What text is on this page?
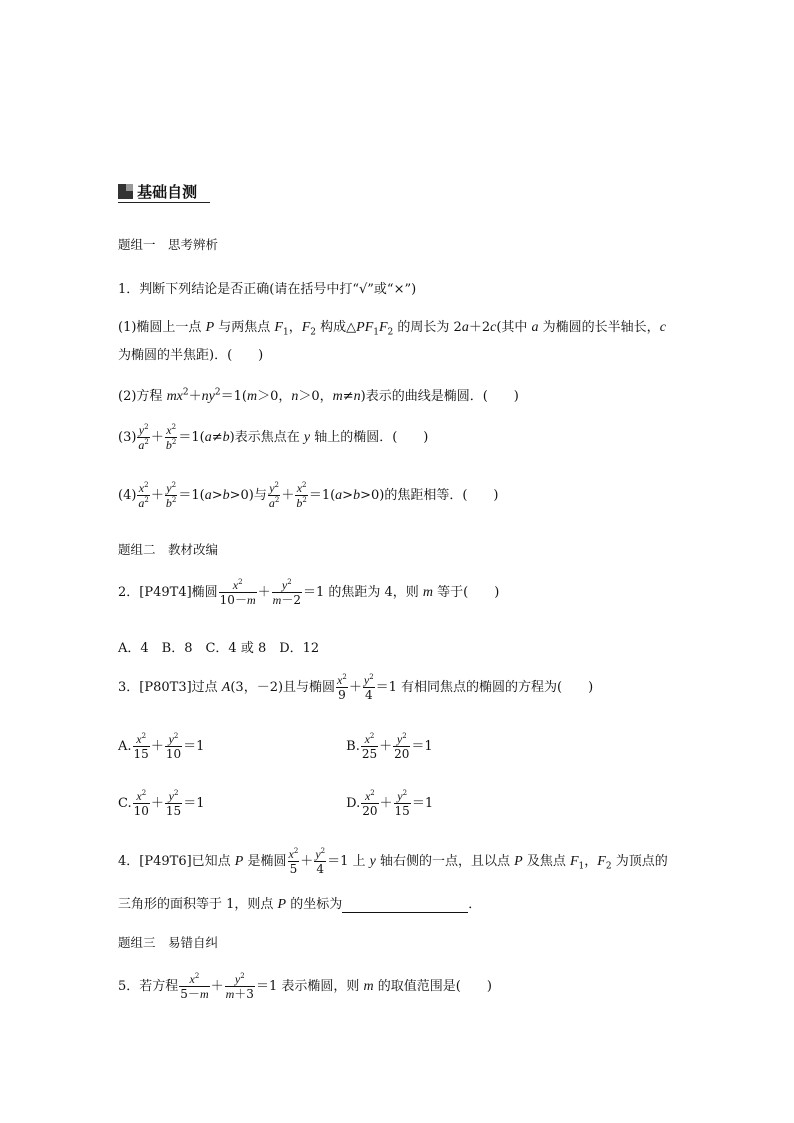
基础自测
题组一　思考辨析
1．判断下列结论是否正确(请在括号中打“√”或“×”)
(1)椭圆上一点 P 与两焦点 $F_1$，$F_2$ 构成$\triangle PF_1F_2$ 的周长为 2a＋2c(其中 a 为椭圆的长半轴长，c
为椭圆的半焦距)．(　　)
(2)方程 $mx^2+ny^2=1(m>0$，n＞0，m≠n)表示的曲线是椭圆．(　　)
$(3) \frac{y^2}{a^2} + \frac{x^2}{b^2} =1(a\ne b)$表示焦点在 y 轴上的椭圆．(　　)
$(4) \frac{x^2}{a^2} + \frac{y^2}{b^2} =1(a>b>0)$与 $\frac{y^2}{a^2} + \frac{x^2}{b^2} =1(a>b>0)$的焦距相等．(　　)
题组二　教材改编
2．[P49T4]椭圆 $\frac{x^2}{10-m} + \frac{y^2}{m-2} =1$ 的焦距为 4，则 m 等于(　　)
A．4　B．8　C．4 或 8　D．12
3．[P80T3]过点 A(3，－2)且与椭圆 $\frac{x^2}{9} + \frac{y^2}{4} =1$ 有相同焦点的椭圆的方程为(　　)
A. $\frac{x^2}{15} + \frac{y^2}{10} =1$	B. $\frac{x^2}{25} + \frac{y^2}{20} =1$
C. $\frac{x^2}{10} + \frac{y^2}{15} =1$	D. $\frac{x^2}{20} + \frac{y^2}{15} =1$
4．[P49T6]已知点 P 是椭圆 $\frac{x^2}{5} + \frac{y^2}{4} =1$ 上 y 轴右侧的一点，且以点 P 及焦点 $F_1$，$F_2$ 为顶点的
三角形的面积等于 1，则点 P 的坐标为	．
题组三　易错自纠
5．若方程 $\frac{x^2}{5-m} + \frac{y^2}{m+3} =1$ 表示椭圆，则 m 的取值范围是(　　)
